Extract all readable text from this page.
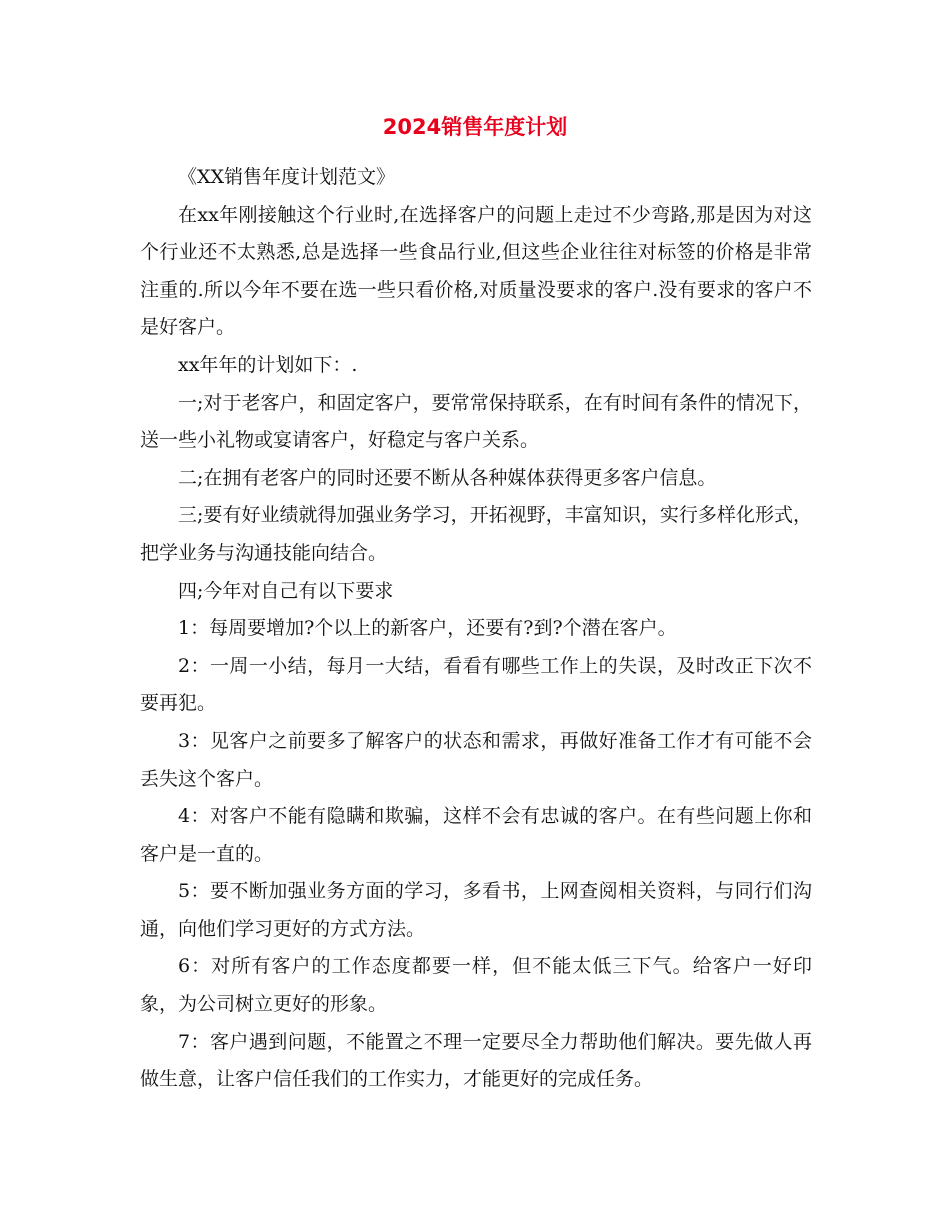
2024销售年度计划

《XX销售年度计划范文》

在xx年刚接触这个行业时,在选择客户的问题上走过不少弯路,那是因为对这个行业还不太熟悉,总是选择一些食品行业,但这些企业往往对标签的价格是非常注重的.所以今年不要在选一些只看价格,对质量没要求的客户.没有要求的客户不是好客户。

xx年年的计划如下：.

一;对于老客户，和固定客户，要常常保持联系，在有时间有条件的情况下，送一些小礼物或宴请客户，好稳定与客户关系。

二;在拥有老客户的同时还要不断从各种媒体获得更多客户信息。

三;要有好业绩就得加强业务学习，开拓视野，丰富知识，实行多样化形式，把学业务与沟通技能向结合。

四;今年对自己有以下要求

1：每周要增加?个以上的新客户，还要有?到?个潜在客户。

2：一周一小结，每月一大结，看看有哪些工作上的失误，及时改正下次不要再犯。

3：见客户之前要多了解客户的状态和需求，再做好准备工作才有可能不会丢失这个客户。

4：对客户不能有隐瞒和欺骗，这样不会有忠诚的客户。在有些问题上你和客户是一直的。

5：要不断加强业务方面的学习，多看书，上网查阅相关资料，与同行们沟通，向他们学习更好的方式方法。

6：对所有客户的工作态度都要一样，但不能太低三下气。给客户一好印象，为公司树立更好的形象。

7：客户遇到问题，不能置之不理一定要尽全力帮助他们解决。要先做人再做生意，让客户信任我们的工作实力，才能更好的完成任务。
